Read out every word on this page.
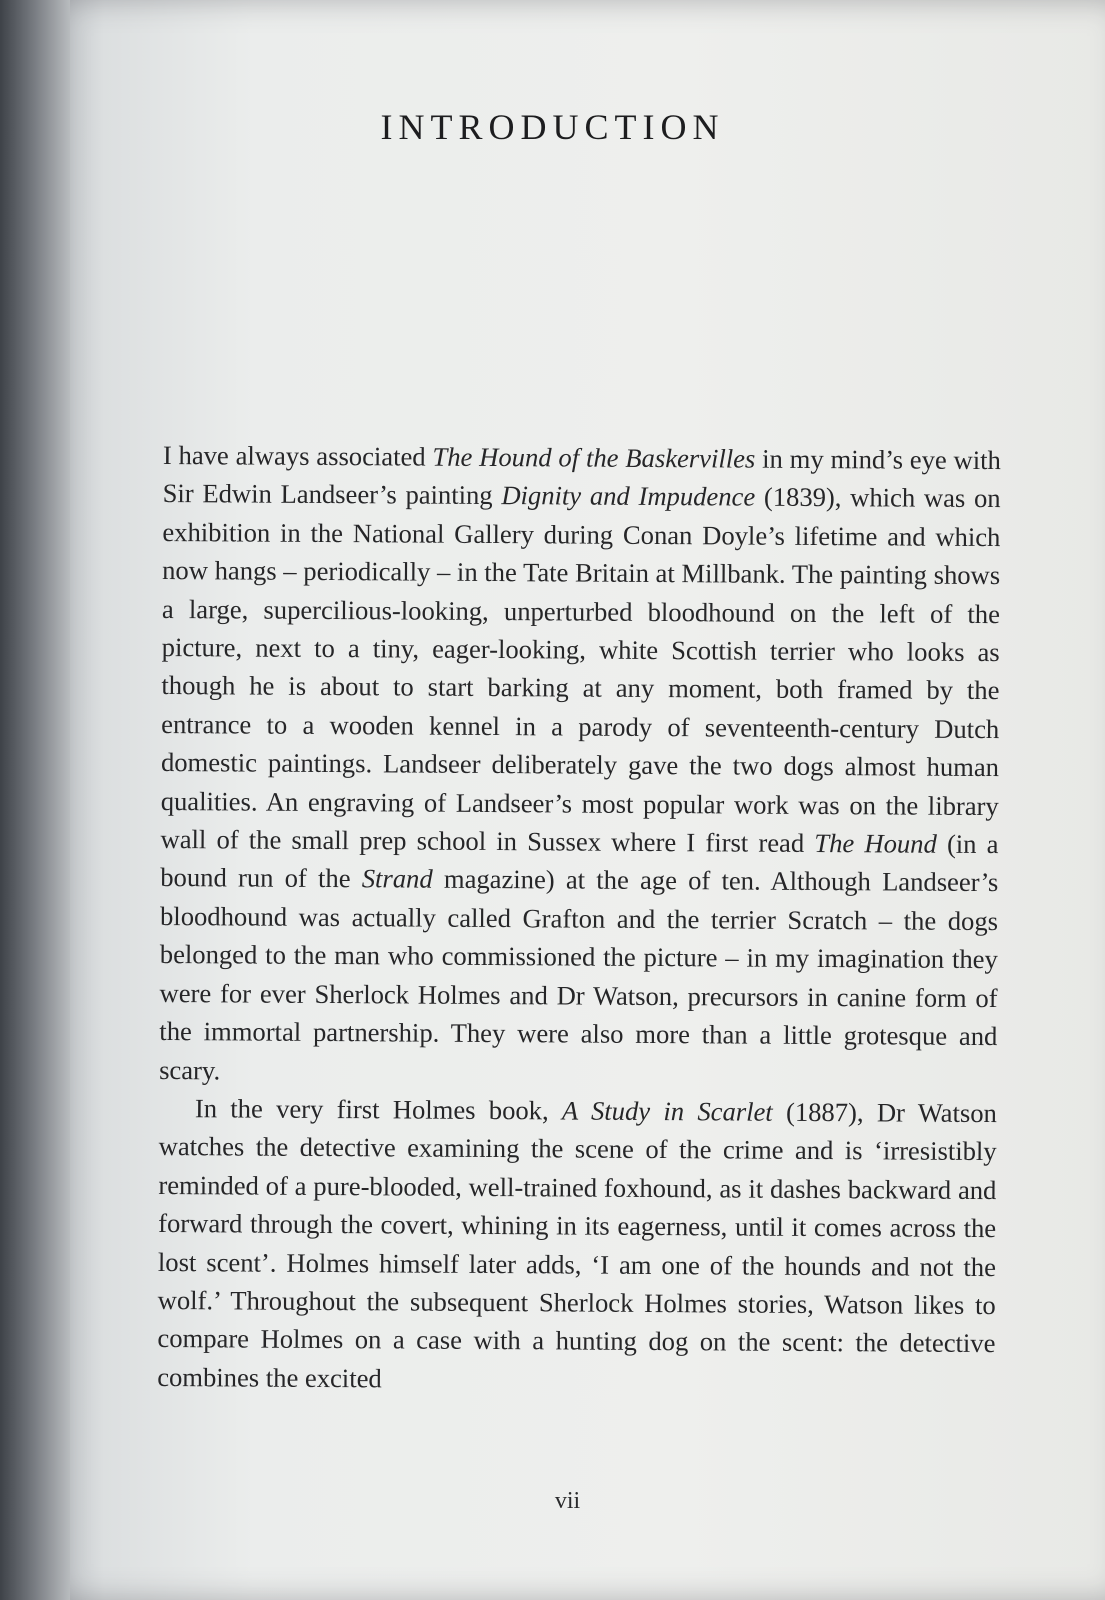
INTRODUCTION

I have always associated The Hound of the Baskervilles in my mind’s eye with Sir Edwin Landseer’s painting Dignity and Impudence (1839), which was on exhibition in the National Gallery during Conan Doyle’s lifetime and which now hangs – periodically – in the Tate Britain at Millbank. The painting shows a large, supercilious-looking, unperturbed bloodhound on the left of the picture, next to a tiny, eager-looking, white Scottish terrier who looks as though he is about to start barking at any moment, both framed by the entrance to a wooden kennel in a parody of seventeenth-century Dutch domestic paintings. Landseer deliberately gave the two dogs almost human qualities. An engraving of Landseer’s most popular work was on the library wall of the small prep school in Sussex where I first read The Hound (in a bound run of the Strand magazine) at the age of ten. Although Landseer’s bloodhound was actually called Grafton and the terrier Scratch – the dogs belonged to the man who commissioned the picture – in my imagination they were for ever Sherlock Holmes and Dr Watson, precursors in canine form of the immortal partnership. They were also more than a little grotesque and scary.

In the very first Holmes book, A Study in Scarlet (1887), Dr Watson watches the detective examining the scene of the crime and is ‘irresistibly reminded of a pure-blooded, well-trained foxhound, as it dashes backward and forward through the covert, whining in its eagerness, until it comes across the lost scent’. Holmes himself later adds, ‘I am one of the hounds and not the wolf.’ Throughout the subsequent Sherlock Holmes stories, Watson likes to compare Holmes on a case with a hunting dog on the scent: the detective combines the excited

vii
